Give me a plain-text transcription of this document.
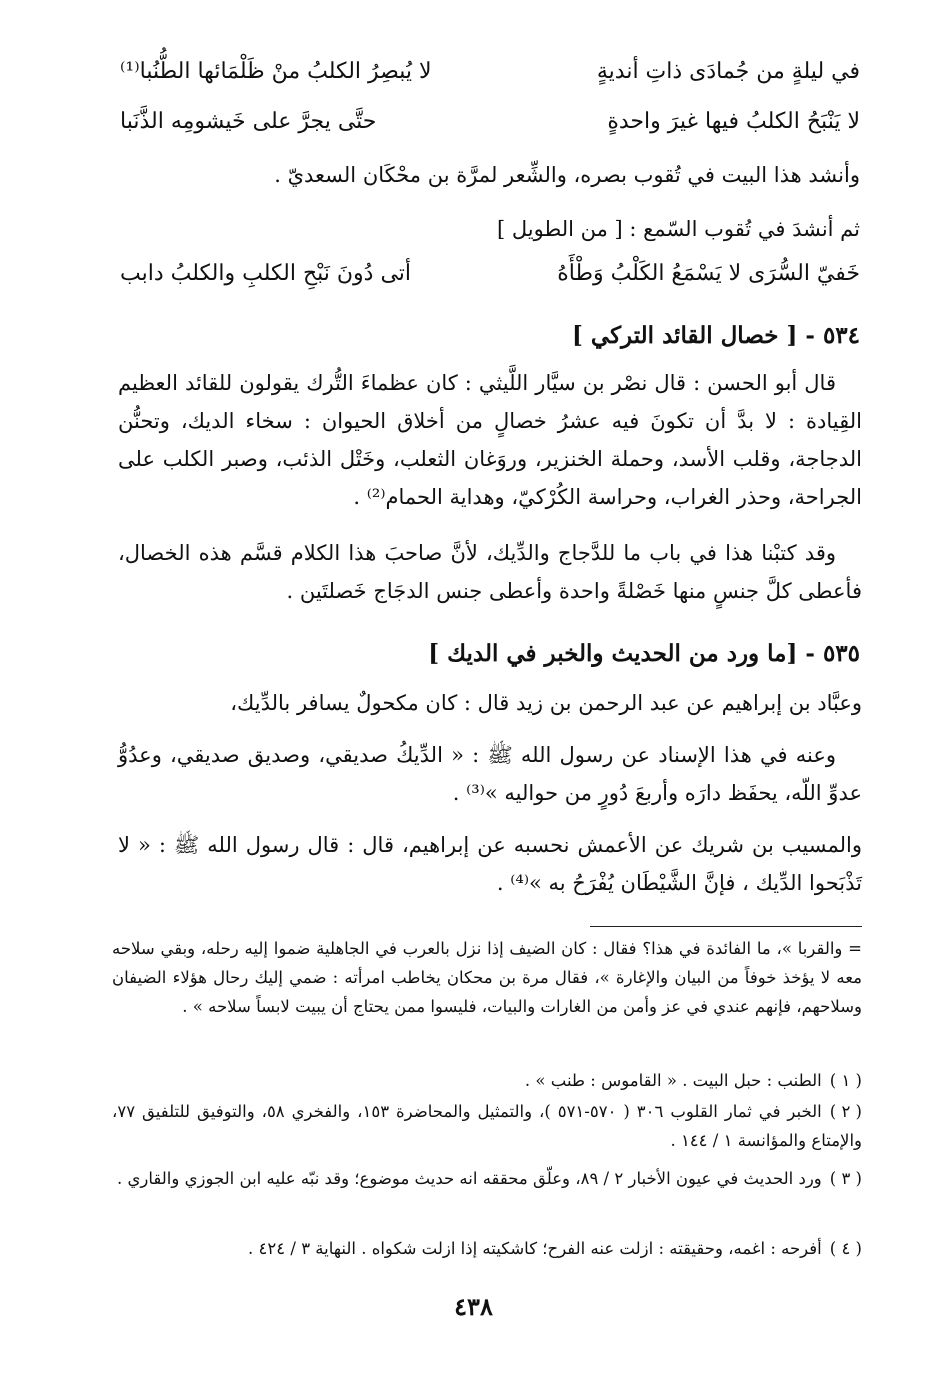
في ليلةٍ من جُمادَى ذاتِ أنديةٍ
لا يُبصِرُ الكلبُ منْ ظَلْمَائها الطُّنُبا⁽¹⁾
لا يَنْبَحُ الكلبُ فيها غيرَ واحدةٍ
حتَّى يجرَّ على خَيشومِه الذَّنَبا
وأنشد هذا البيت في تُقوب بصره، والشِّعر لمرَّة بن محْكَان السعديّ .
ثم أنشدَ في تُقوب السّمع : [ من الطويل ]
خَفيّ السُّرَى لا يَسْمَعُ الكَلْبُ وَطْأَهُ
أتى دُونَ نَبْحِ الكلبِ والكلبُ دابب
٥٣٤ - [ خصال القائد التركي ]
قال أبو الحسن : قال نصْر بن سيَّار اللَّيثي : كان عظماءَ التُّرك يقولون للقائد العظيم القِيادة : لا بدَّ أن تكونَ فيه عشرُ خصالٍ من أخلاق الحيوان : سخاء الديك، وتحنُّن الدجاجة، وقلب الأسد، وحملة الخنزير، وروَغان الثعلب، وخَتْل الذئب، وصبر الكلب على الجراحة، وحذر الغراب، وحراسة الكُرْكيّ، وهداية الحمام⁽²⁾ .
وقد كتبْنا هذا في باب ما للدَّجاج والدِّيك، لأنَّ صاحبَ هذا الكلام قسَّم هذه الخصال، فأعطى كلَّ جنسٍ منها خَصْلةً واحدة وأعطى جنس الدجَاج خَصلتَين .
٥٣٥ - [ما ورد من الحديث والخبر في الديك ]
وعبَّاد بن إبراهيم عن عبد الرحمن بن زيد قال : كان مكحولٌ يسافر بالدِّيك،
وعنه في هذا الإسناد عن رسول الله ﷺ : « الدِّيكُ صديقي، وصديق صديقي، وعدُوُّ عدوِّ اللّه، يحفَظ دارَه وأربعَ دُورٍ من حواليه »⁽³⁾ .
والمسيب بن شريك عن الأعمش نحسبه عن إبراهيم، قال : قال رسول الله ﷺ : « لا تَذْبَحوا الدِّيك ، فإنَّ الشَّيْطَان يُفْرَحُ به »⁽⁴⁾ .
= والقربا »، ما الفائدة في هذا؟ فقال : كان الضيف إذا نزل بالعرب في الجاهلية ضموا إليه رحله، وبقي سلاحه معه لا يؤخذ خوفاً من البيان والإغارة »، فقال مرة بن محكان يخاطب امرأته : ضمي إليك رحال هؤلاء الضيفان وسلاحهم، فإنهم عندي في عز وأمن من الغارات والبيات، فليسوا ممن يحتاج أن يبيت لابساً سلاحه » .
( ١ )الطنب : حبل البيت . « القاموس : طنب » .
( ٢ )الخبر في ثمار القلوب ٣٠٦ ( ٥٧٠-٥٧١ )، والتمثيل والمحاضرة ١٥٣، والفخري ٥٨، والتوفيق للتلفيق ٧٧، والإمتاع والمؤانسة ١ / ١٤٤ .
( ٣ )ورد الحديث في عيون الأخبار ٢ / ٨٩، وعلّق محققه انه حديث موضوع؛ وقد نبّه عليه ابن الجوزي والقاري .
( ٤ )أفرحه : اغمه، وحقيقته : ازلت عنه الفرح؛ كاشكيته إذا ازلت شكواه . النهاية ٣ / ٤٢٤ .
٤٣٨
